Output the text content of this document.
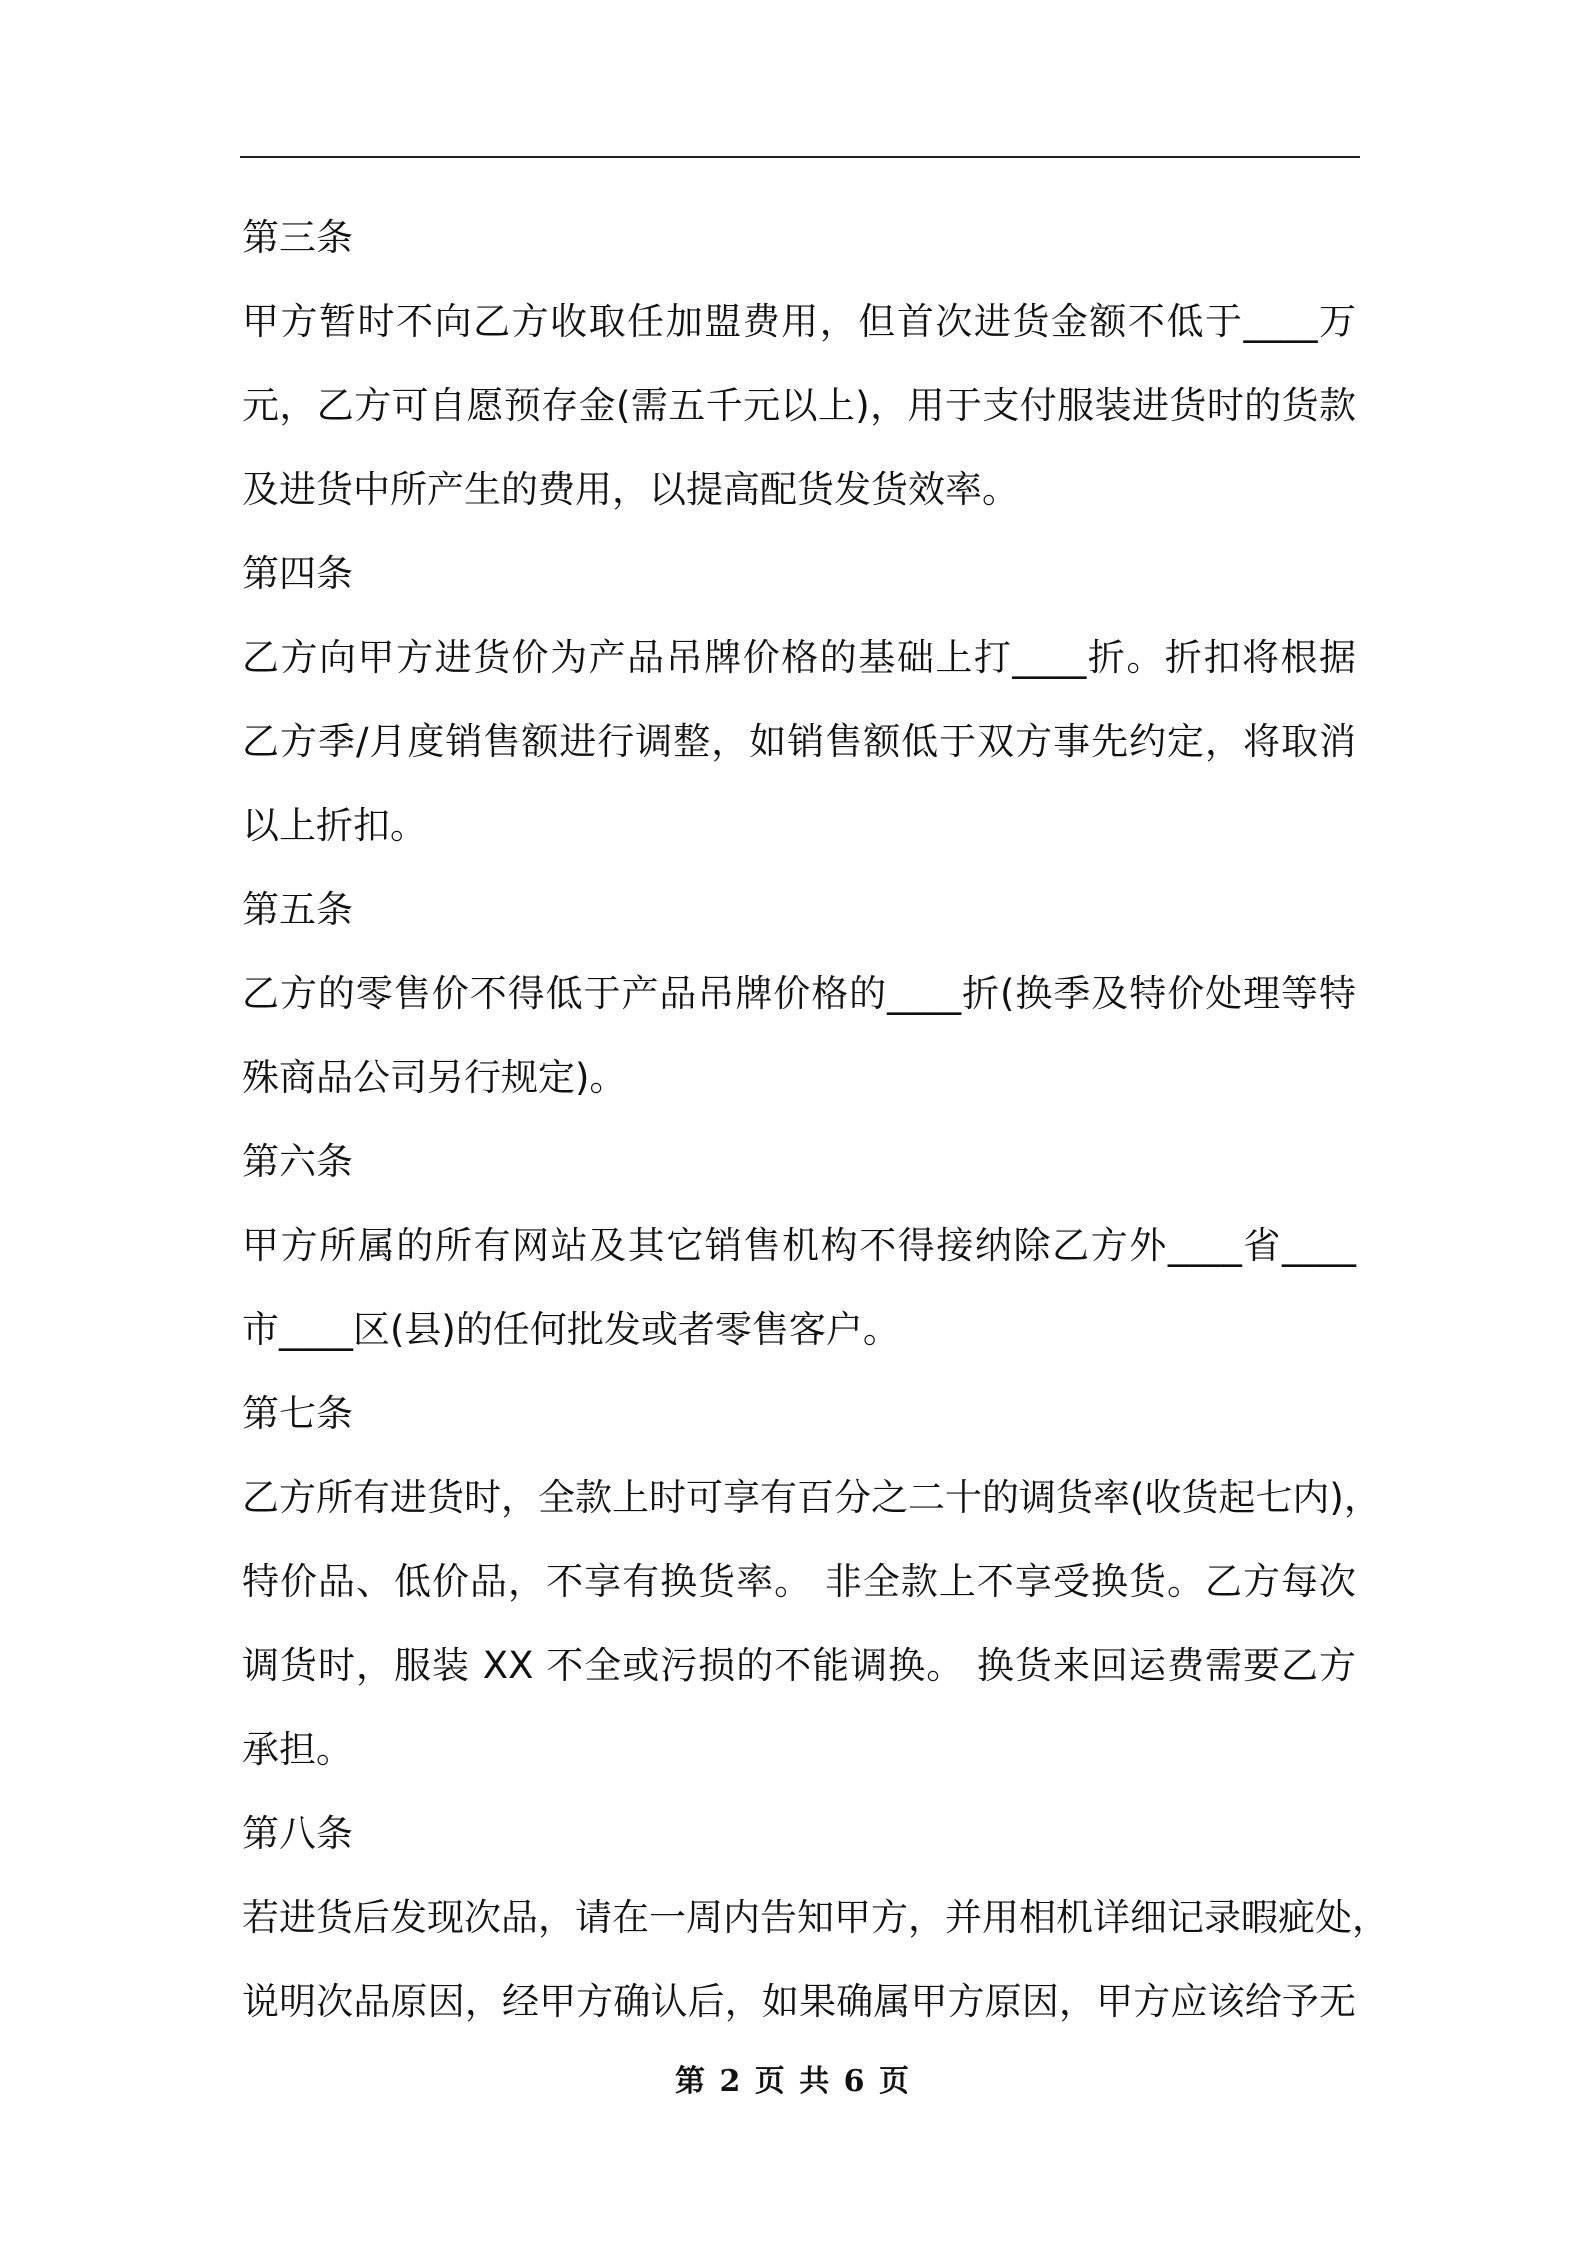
第三条
甲方暂时不向乙方收取任加盟费用，但首次进货金额不低于____万
元，乙方可自愿预存金(需五千元以上)，用于支付服装进货时的货款
及进货中所产生的费用，以提高配货发货效率。
第四条
乙方向甲方进货价为产品吊牌价格的基础上打____折。折扣将根据
乙方季/月度销售额进行调整，如销售额低于双方事先约定，将取消
以上折扣。
第五条
乙方的零售价不得低于产品吊牌价格的____折(换季及特价处理等特
殊商品公司另行规定)。
第六条
甲方所属的所有网站及其它销售机构不得接纳除乙方外____省____
市____区(县)的任何批发或者零售客户。
第七条
乙方所有进货时，全款上时可享有百分之二十的调货率(收货起七内)，
特价品、低价品，不享有换货率。 非全款上不享受换货。乙方每次
调货时，服装 XX 不全或污损的不能调换。 换货来回运费需要乙方
承担。
第八条
若进货后发现次品，请在一周内告知甲方，并用相机详细记录暇疵处，
说明次品原因，经甲方确认后，如果确属甲方原因，甲方应该给予无
第 2 页 共 6 页
